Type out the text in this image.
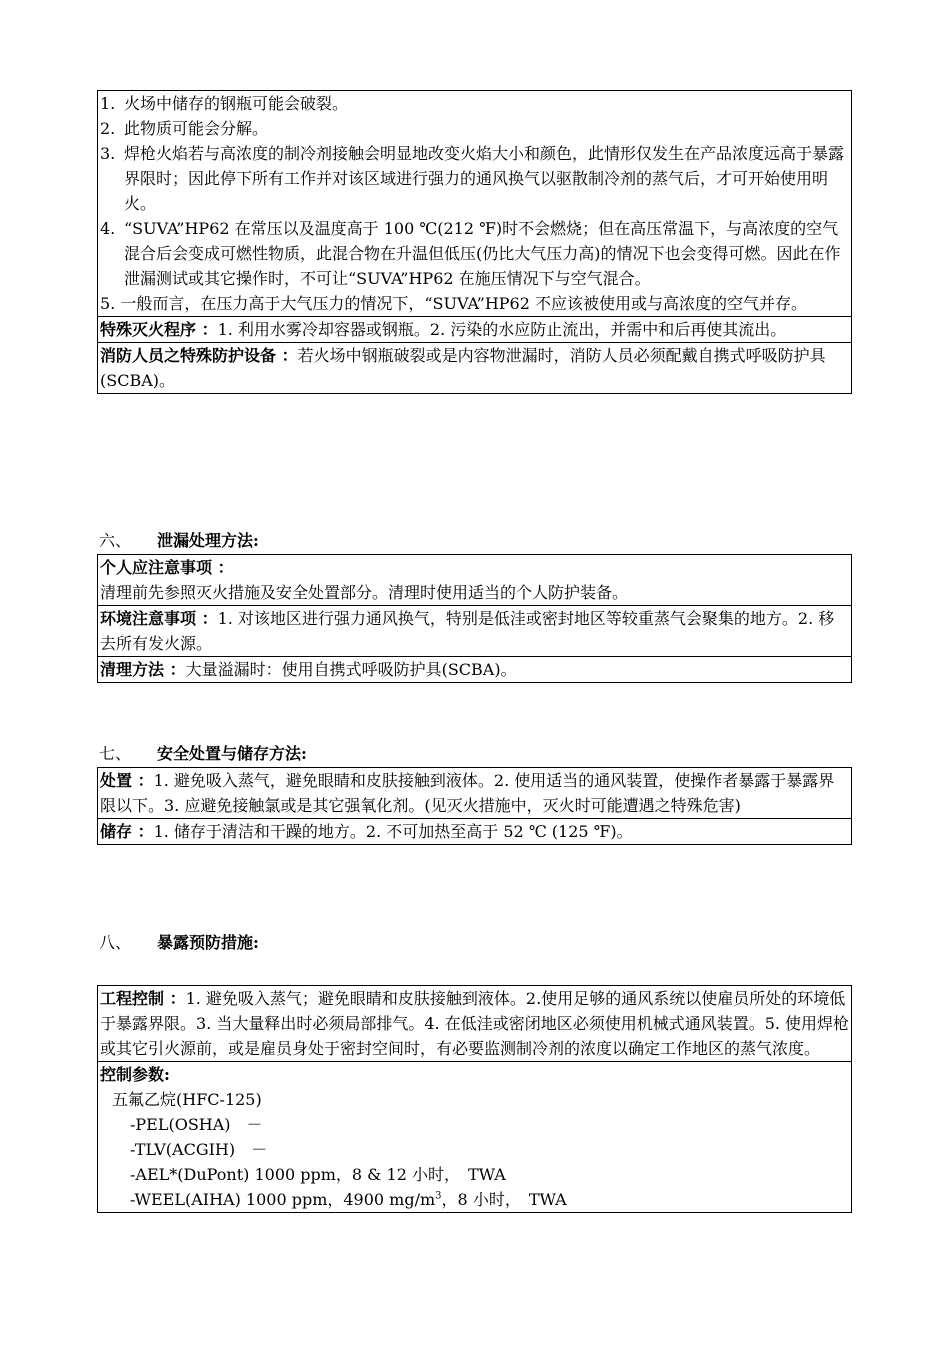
1. 火场中储存的钢瓶可能会破裂。
2. 此物质可能会分解。
3. 焊枪火焰若与高浓度的制冷剂接触会明显地改变火焰大小和颜色，此情形仅发生在产品浓度远高于暴露界限时；因此停下所有工作并对该区域进行强力的通风换气以驱散制冷剂的蒸气后，才可开始使用明火。
4. “SUVA”HP62 在常压以及温度高于 100 ℃(212 ℉)时不会燃烧；但在高压常温下，与高浓度的空气混合后会变成可燃性物质，此混合物在升温但低压(仍比大气压力高)的情况下也会变得可燃。因此在作泄漏测试或其它操作时，不可让“SUVA”HP62 在施压情况下与空气混合。
5. 一般而言，在压力高于大气压力的情况下，“SUVA”HP62 不应该被使用或与高浓度的空气并存。
特殊灭火程序 ：1. 利用水雾冷却容器或钢瓶。2. 污染的水应防止流出，并需中和后再使其流出。
消防人员之特殊防护设备 ：若火场中钢瓶破裂或是内容物泄漏时，消防人员必须配戴自携式呼吸防护具(SCBA)。
六、 泄漏处理方法:
个人应注意事项 ：
清理前先参照灭火措施及安全处置部分。清理时使用适当的个人防护装备。
环境注意事项 ：1. 对该地区进行强力通风换气，特别是低洼或密封地区等较重蒸气会聚集的地方。2. 移去所有发火源。
清理方法 ：大量溢漏时：使用自携式呼吸防护具(SCBA)。
七、 安全处置与储存方法:
处置 ：1. 避免吸入蒸气，避免眼睛和皮肤接触到液体。2. 使用适当的通风装置，使操作者暴露于暴露界限以下。3. 应避免接触氯或是其它强氧化剂。(见灭火措施中，灭火时可能遭遇之特殊危害)
储存 ：1. 储存于清洁和干躁的地方。2. 不可加热至高于 52 ℃ (125 ℉)。
八、 暴露预防措施:
工程控制 ：1. 避免吸入蒸气；避免眼睛和皮肤接触到液体。2.使用足够的通风系统以使雇员所处的环境低于暴露界限。3. 当大量释出时必须局部排气。4. 在低洼或密闭地区必须使用机械式通风装置。5. 使用焊枪或其它引火源前，或是雇员身处于密封空间时，有必要监测制冷剂的浓度以确定工作地区的蒸气浓度。
控制参数:
五氟乙烷(HFC-125)
-PEL(OSHA)　－
-TLV(ACGIH)　－
-AEL*(DuPont) 1000 ppm，8 & 12 小时，　TWA
-WEEL(AIHA) 1000 ppm，4900 $mg/m^3$，8 小时，　TWA
